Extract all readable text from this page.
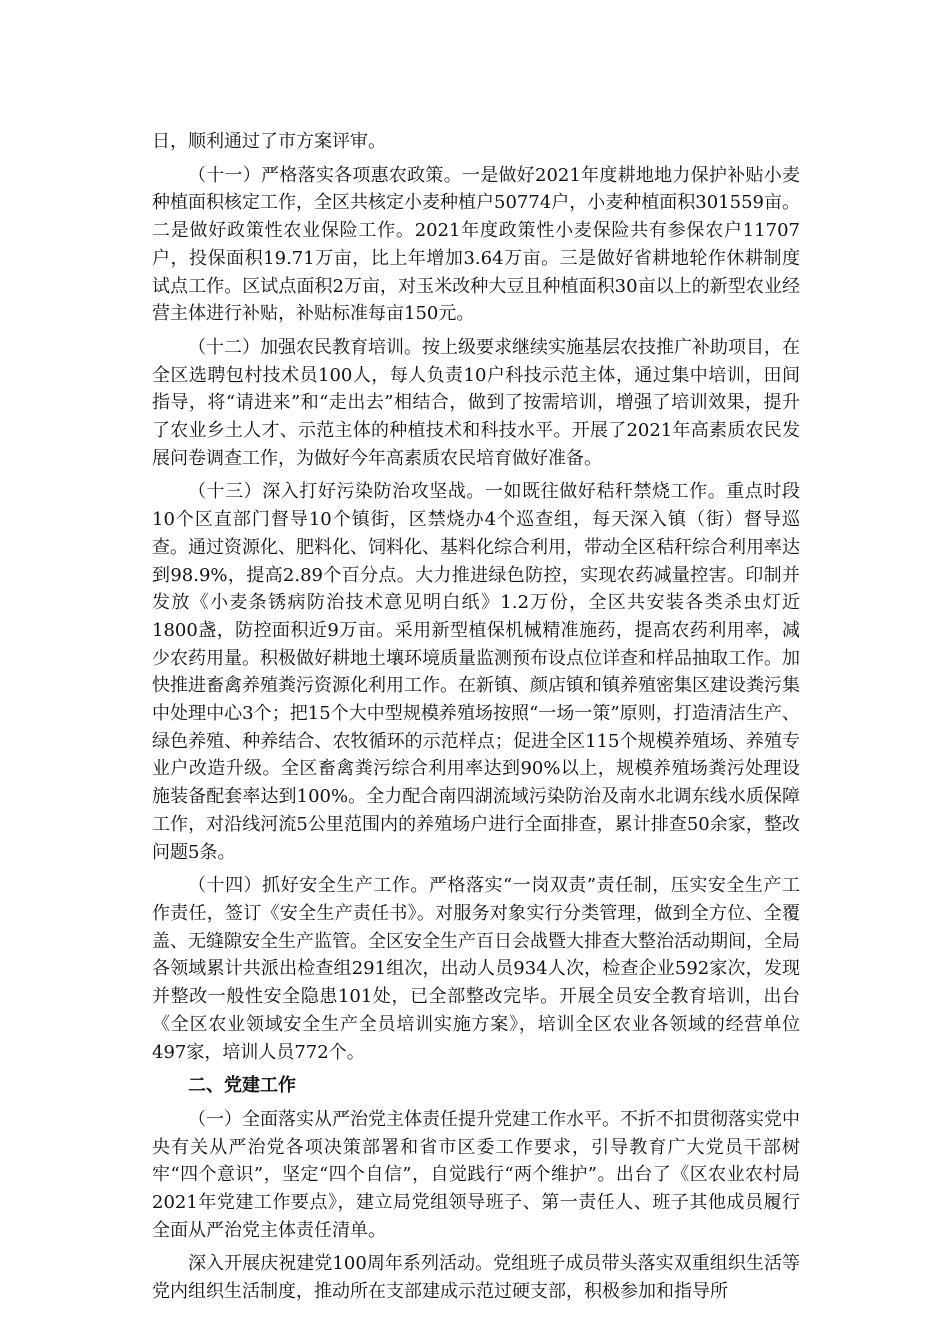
日，顺利通过了市方案评审。

（十一）严格落实各项惠农政策。一是做好2021年度耕地地力保护补贴小麦种植面积核定工作，全区共核定小麦种植户50774户，小麦种植面积301559亩。二是做好政策性农业保险工作。2021年度政策性小麦保险共有参保农户11707户，投保面积19.71万亩，比上年增加3.64万亩。三是做好省耕地轮作休耕制度试点工作。区试点面积2万亩，对玉米改种大豆且种植面积30亩以上的新型农业经营主体进行补贴，补贴标准每亩150元。

（十二）加强农民教育培训。按上级要求继续实施基层农技推广补助项目，在全区选聘包村技术员100人，每人负责10户科技示范主体，通过集中培训，田间指导，将“请进来”和“走出去”相结合，做到了按需培训，增强了培训效果，提升了农业乡土人才、示范主体的种植技术和科技水平。开展了2021年高素质农民发展问卷调查工作，为做好今年高素质农民培育做好准备。

（十三）深入打好污染防治攻坚战。一如既往做好秸秆禁烧工作。重点时段10个区直部门督导10个镇街，区禁烧办4个巡查组，每天深入镇（街）督导巡查。通过资源化、肥料化、饲料化、基料化综合利用，带动全区秸秆综合利用率达到98.9%，提高2.89个百分点。大力推进绿色防控，实现农药减量控害。印制并发放《小麦条锈病防治技术意见明白纸》1.2万份，全区共安装各类杀虫灯近1800盏，防控面积近9万亩。采用新型植保机械精准施药，提高农药利用率，减少农药用量。积极做好耕地土壤环境质量监测预布设点位详查和样品抽取工作。加快推进畜禽养殖粪污资源化利用工作。在新镇、颜店镇和镇养殖密集区建设粪污集中处理中心3个；把15个大中型规模养殖场按照“一场一策”原则，打造清洁生产、绿色养殖、种养结合、农牧循环的示范样点；促进全区115个规模养殖场、养殖专业户改造升级。全区畜禽粪污综合利用率达到90%以上，规模养殖场粪污处理设施装备配套率达到100%。全力配合南四湖流域污染防治及南水北调东线水质保障工作，对沿线河流5公里范围内的养殖场户进行全面排查，累计排查50余家，整改问题5条。

（十四）抓好安全生产工作。严格落实“一岗双责”责任制，压实安全生产工作责任，签订《安全生产责任书》。对服务对象实行分类管理，做到全方位、全覆盖、无缝隙安全生产监管。全区安全生产百日会战暨大排查大整治活动期间，全局各领域累计共派出检查组291组次，出动人员934人次，检查企业592家次，发现并整改一般性安全隐患101处，已全部整改完毕。开展全员安全教育培训，出台《全区农业领域安全生产全员培训实施方案》，培训全区农业各领域的经营单位497家，培训人员772个。

二、党建工作

（一）全面落实从严治党主体责任提升党建工作水平。不折不扣贯彻落实党中央有关从严治党各项决策部署和省市区委工作要求，引导教育广大党员干部树牢“四个意识”，坚定“四个自信”，自觉践行“两个维护”。出台了《区农业农村局2021年党建工作要点》，建立局党组领导班子、第一责任人、班子其他成员履行全面从严治党主体责任清单。

深入开展庆祝建党100周年系列活动。党组班子成员带头落实双重组织生活等党内组织生活制度，推动所在支部建成示范过硬支部，积极参加和指导所
